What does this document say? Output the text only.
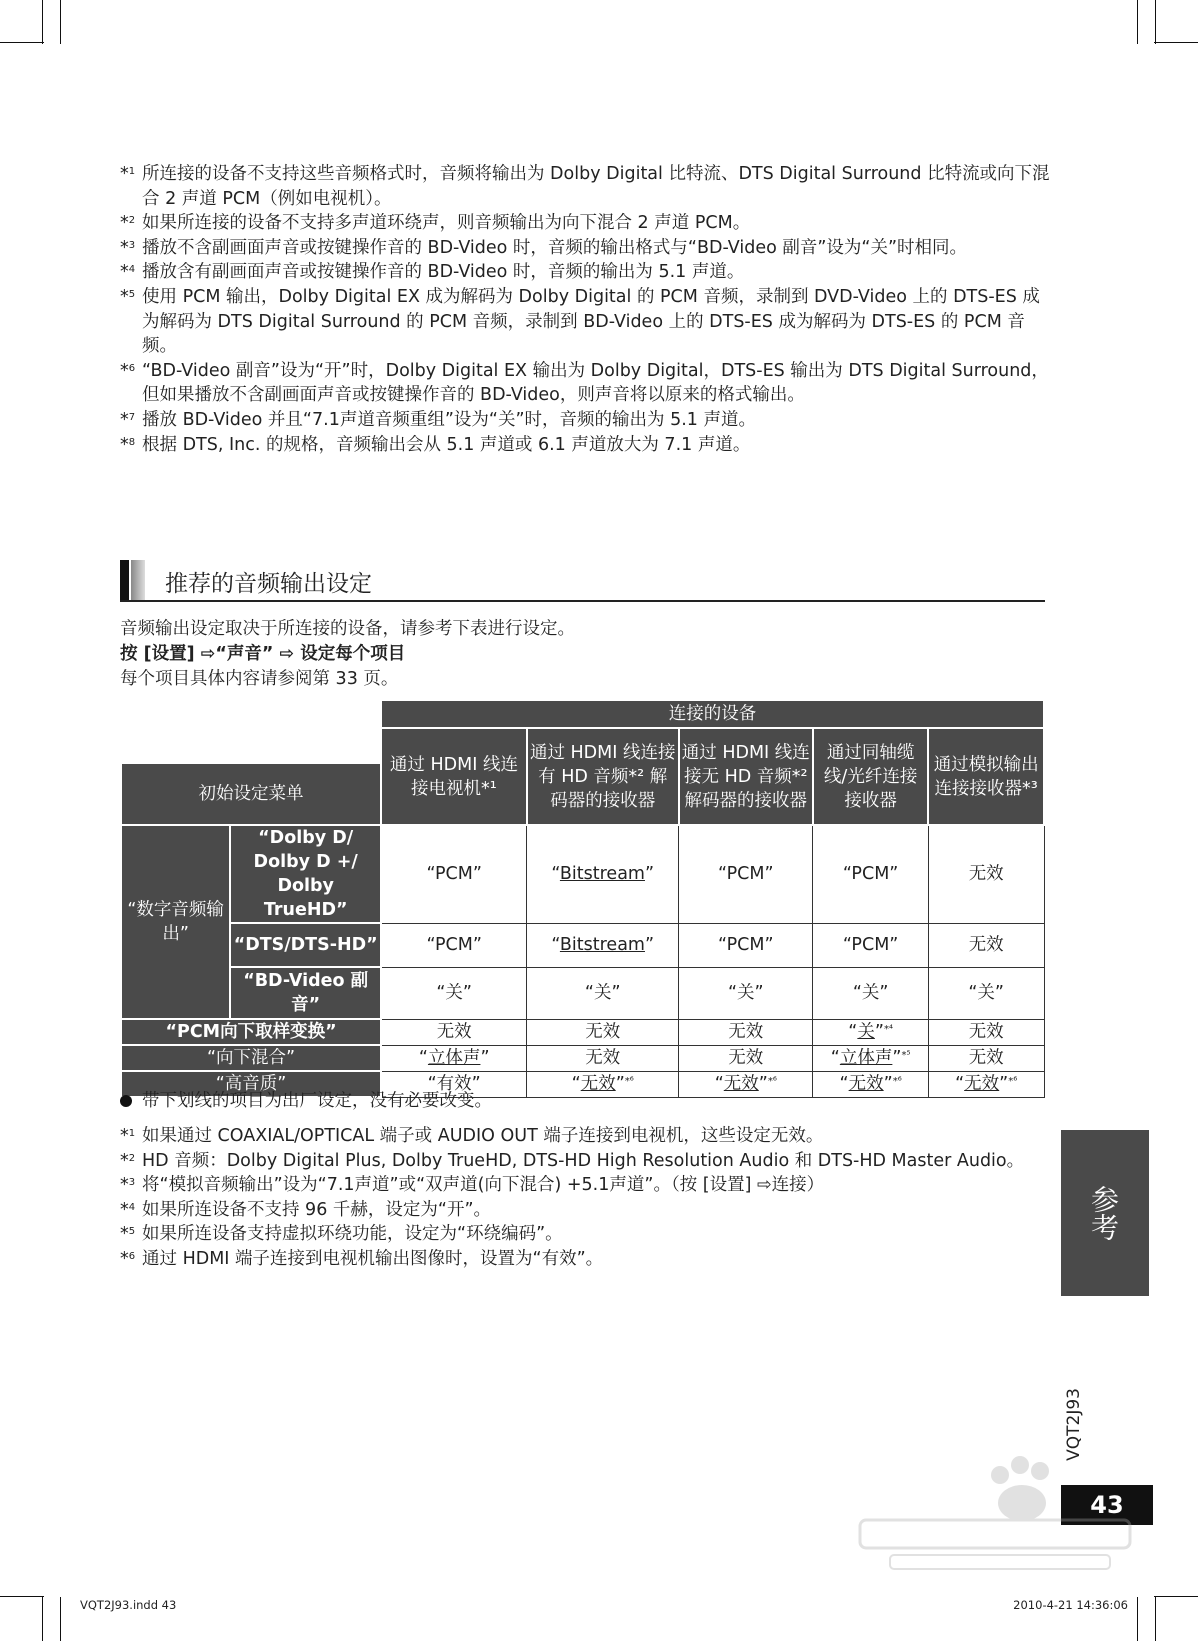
*$^1$ 所连接的设备不支持这些音频格式时，音频将输出为 Dolby Digital 比特流、DTS Digital Surround 比特流或向下混合 2 声道 PCM（例如电视机）。
*$^2$ 如果所连接的设备不支持多声道环绕声，则音频输出为向下混合 2 声道 PCM。
*$^3$ 播放不含副画面声音或按键操作音的 BD-Video 时，音频的输出格式与“BD-Video 副音”设为“关”时相同。
*$^4$ 播放含有副画面声音或按键操作音的 BD-Video 时，音频的输出为 5.1 声道。
*$^5$ 使用 PCM 输出，Dolby Digital EX 成为解码为 Dolby Digital 的 PCM 音频，录制到 DVD-Video 上的 DTS-ES 成为解码为 DTS Digital Surround 的 PCM 音频，录制到 BD-Video 上的 DTS-ES 成为解码为 DTS-ES 的 PCM 音频。
*$^6$ “BD-Video 副音”设为“开”时，Dolby Digital EX 输出为 Dolby Digital，DTS-ES 输出为 DTS Digital Surround，但如果播放不含副画面声音或按键操作音的 BD-Video，则声音将以原来的格式输出。
*$^7$ 播放 BD-Video 并且“7.1声道音频重组”设为“关”时，音频的输出为 5.1 声道。
*$^8$ 根据 DTS, Inc. 的规格，音频输出会从 5.1 声道或 6.1 声道放大为 7.1 声道。
推荐的音频输出设定
音频输出设定取决于所连接的设备，请参考下表进行设定。
按 [设置] ⇨“声音” ⇨ 设定每个项目
每个项目具体内容请参阅第 33 页。
		连接的设备				
		通过 HDMI 线连接电视机*¹	通过 HDMI 线连接有 HD 音频*² 解码器的接收器	通过 HDMI 线连接无 HD 音频*² 解码器的接收器	通过同轴缆线/光纤连接接收器	通过模拟输出连接接收器*³
初始设定菜单						
“数字音频输出”	“Dolby D/ Dolby D +/ Dolby TrueHD”	“PCM”	“Bitstream”	“PCM”	“PCM”	无效
	“DTS/DTS-HD”	“PCM”	“Bitstream”	“PCM”	“PCM”	无效
	“BD-Video 副音”	“关”	“关”	“关”	“关”	“关”
“PCM向下取样变换”		无效	无效	无效	“关”$^{*^4}$	无效
“向下混合”		“立体声”	无效	无效	“立体声”$^{*^5}$	无效
“高音质”		“有效”	“无效”$^{*^6}$	“无效”$^{*^6}$	“无效”$^{*^6}$	“无效”$^{*^6}$
带下划线的项目为出厂设定，没有必要改变。
*$^1$ 如果通过 COAXIAL/OPTICAL 端子或 AUDIO OUT 端子连接到电视机，这些设定无效。
*$^2$ HD 音频：Dolby Digital Plus, Dolby TrueHD, DTS-HD High Resolution Audio 和 DTS-HD Master Audio。
*$^3$ 将“模拟音频输出”设为“7.1声道”或“双声道(向下混合) +5.1声道”。（按 [设置] ⇨连接）
*$^4$ 如果所连设备不支持 96 千赫，设定为“开”。
*$^5$ 如果所连设备支持虚拟环绕功能，设定为“环绕编码”。
*$^6$ 通过 HDMI 端子连接到电视机输出图像时，设置为“有效”。
参考
VQT2J93
43
VQT2J93.indd 43	2010-4-21 14:36:06
